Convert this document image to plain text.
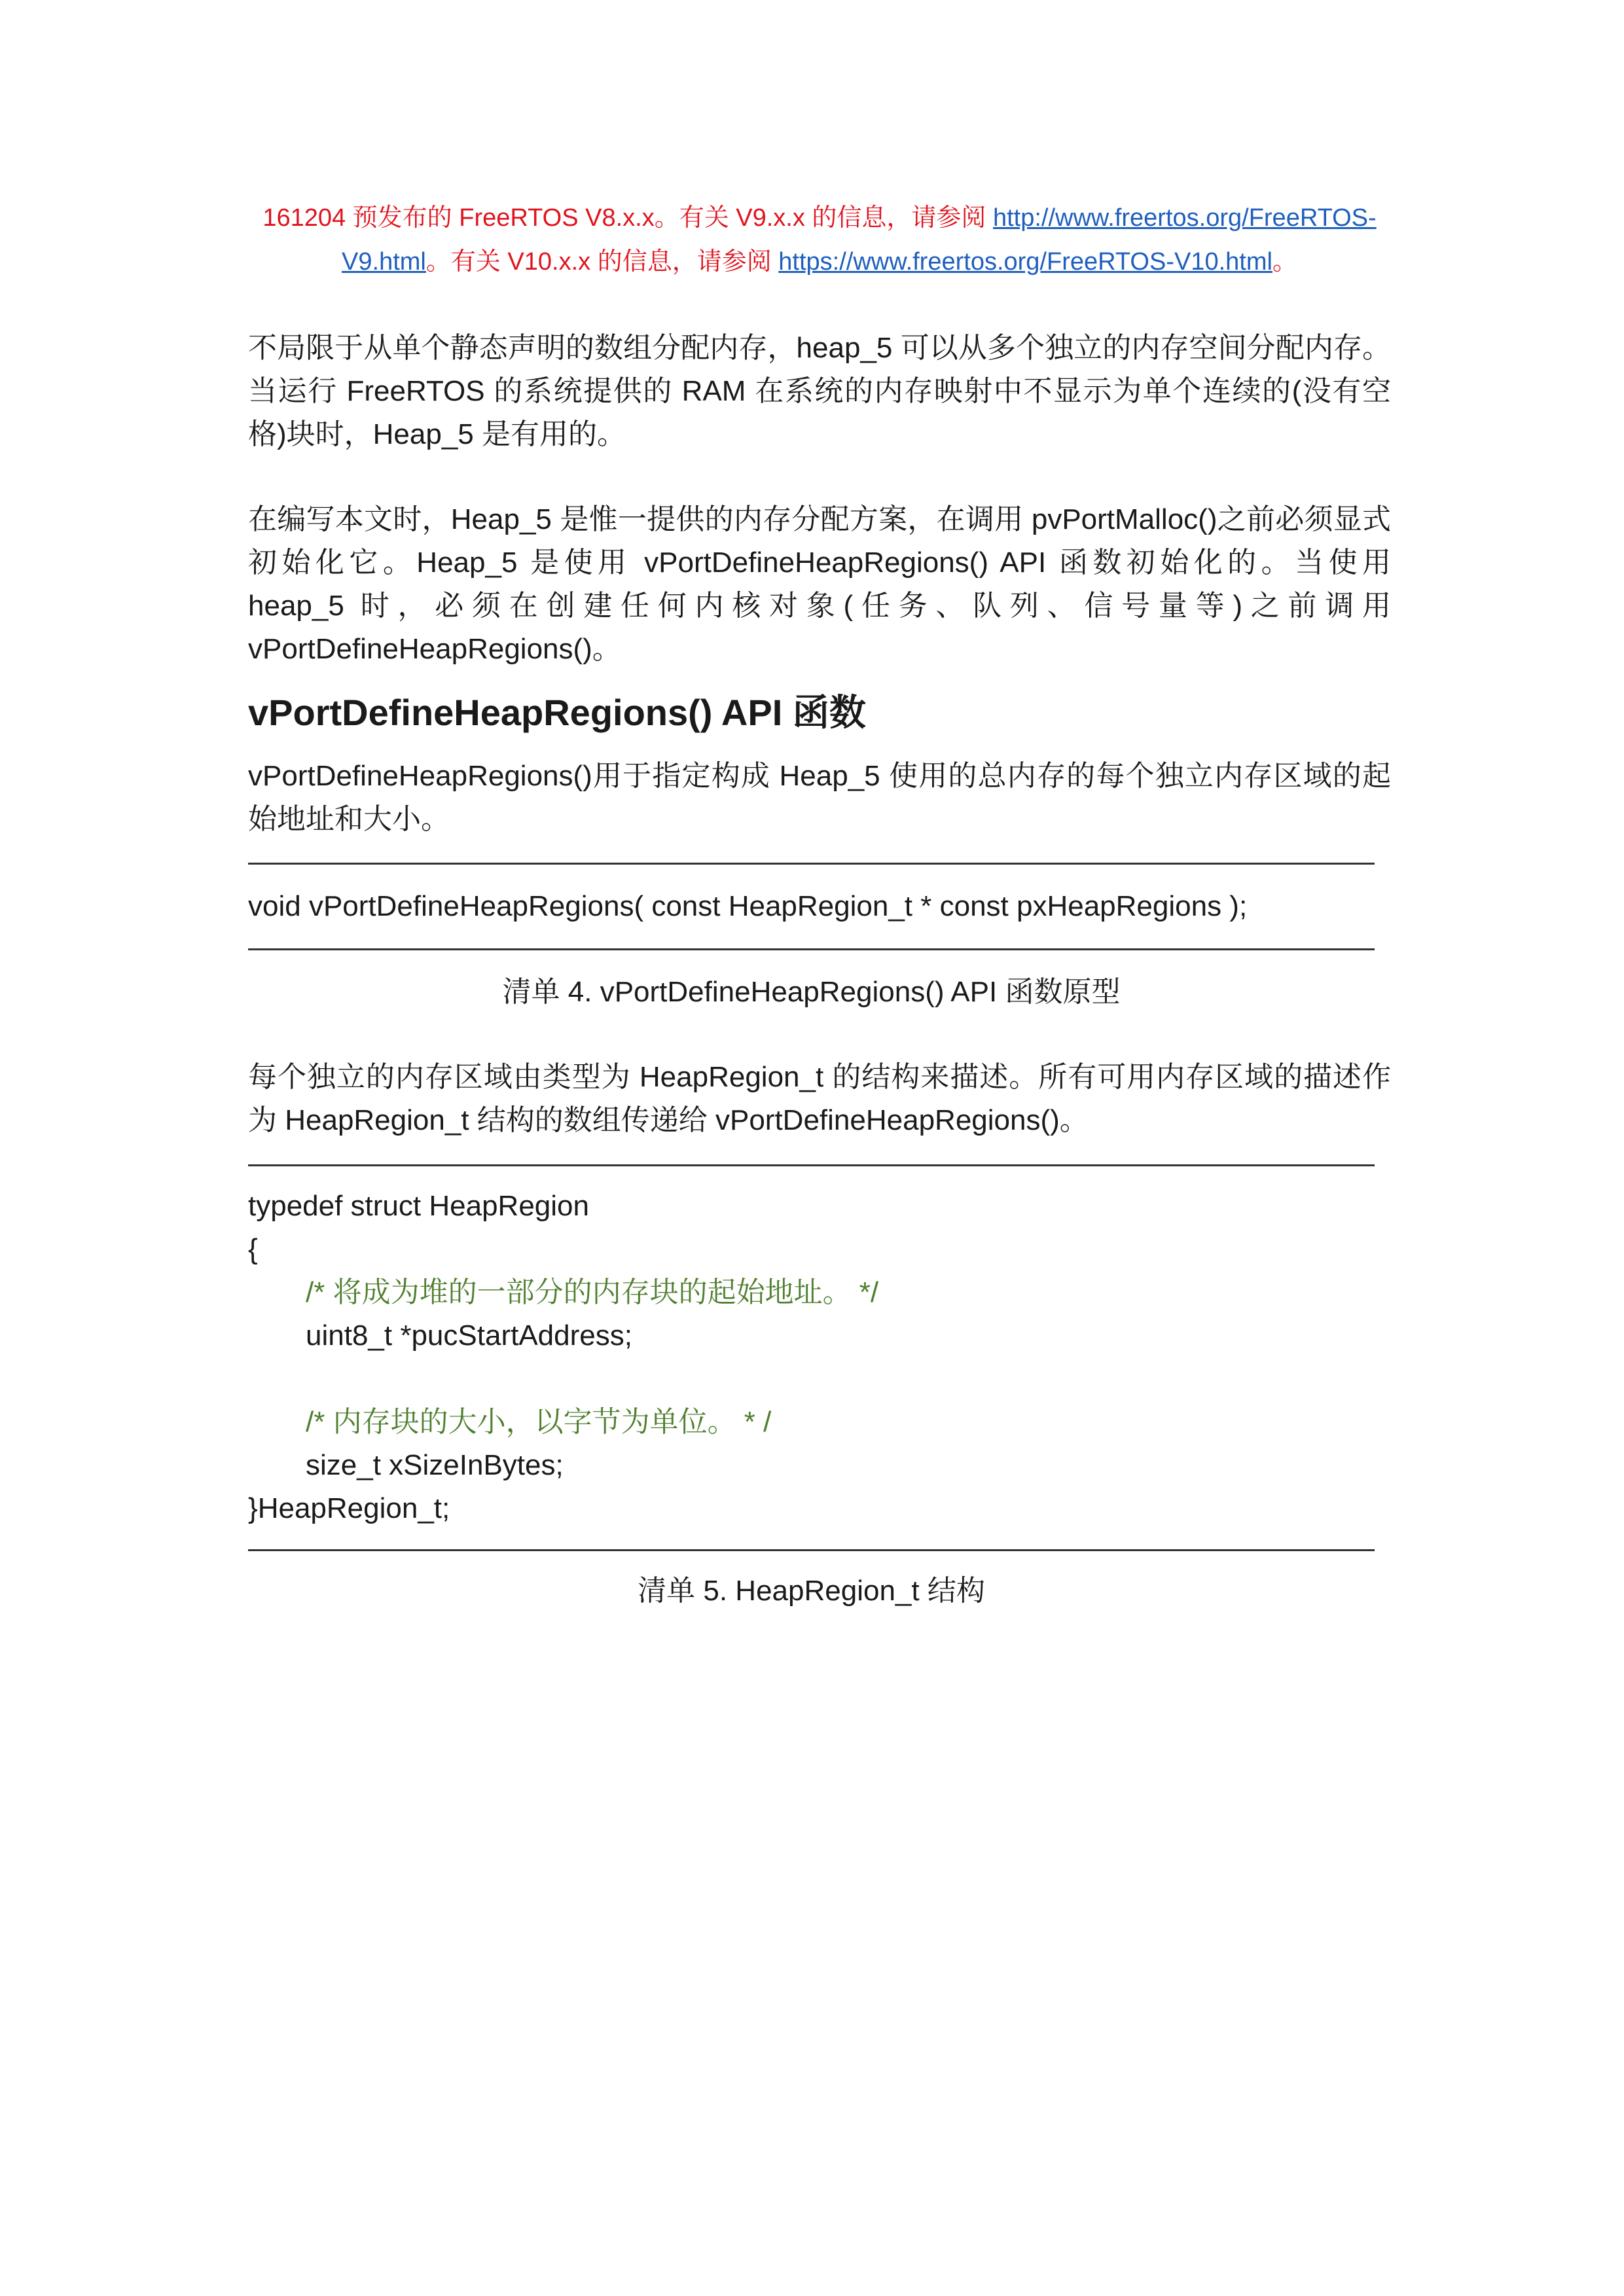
161204 预发布的 FreeRTOS V8.x.x。有关 V9.x.x 的信息，请参阅 http://www.freertos.org/FreeRTOS-V9.html。有关 V10.x.x 的信息，请参阅 https://www.freertos.org/FreeRTOS-V10.html。
不局限于从单个静态声明的数组分配内存，heap_5 可以从多个独立的内存空间分配内存。当运行 FreeRTOS 的系统提供的 RAM 在系统的内存映射中不显示为单个连续的(没有空格)块时，Heap_5 是有用的。
在编写本文时，Heap_5 是惟一提供的内存分配方案，在调用 pvPortMalloc()之前必须显式初始化它。Heap_5 是使用 vPortDefineHeapRegions() API 函数初始化的。当使用 heap_5 时，必须在创建任何内核对象(任务、队列、信号量等)之前调用 vPortDefineHeapRegions()。
vPortDefineHeapRegions() API 函数
vPortDefineHeapRegions()用于指定构成 Heap_5 使用的总内存的每个独立内存区域的起始地址和大小。
void vPortDefineHeapRegions( const HeapRegion_t * const pxHeapRegions );
清单 4. vPortDefineHeapRegions() API 函数原型
每个独立的内存区域由类型为 HeapRegion_t 的结构来描述。所有可用内存区域的描述作为 HeapRegion_t 结构的数组传递给 vPortDefineHeapRegions()。
typedef struct HeapRegion
{
/* 将成为堆的一部分的内存块的起始地址。 */
uint8_t *pucStartAddress;
/* 内存块的大小，以字节为单位。 * /
size_t xSizeInBytes;
}HeapRegion_t;
清单 5. HeapRegion_t 结构
